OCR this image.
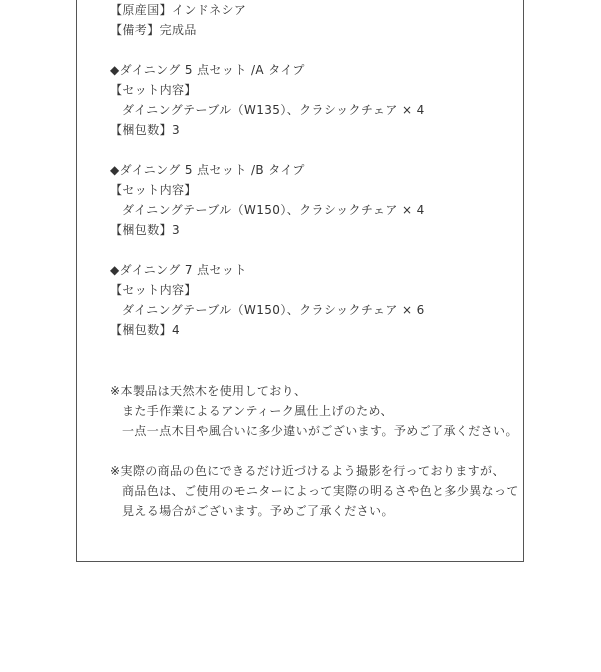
【原産国】インドネシア
【備考】完成品
◆ダイニング 5 点セット /A タイプ
【セット内容】
ダイニングテーブル（W135）、クラシックチェア × 4
【梱包数】3
◆ダイニング 5 点セット /B タイプ
【セット内容】
ダイニングテーブル（W150）、クラシックチェア × 4
【梱包数】3
◆ダイニング 7 点セット
【セット内容】
ダイニングテーブル（W150）、クラシックチェア × 6
【梱包数】4
※本製品は天然木を使用しており、
また手作業によるアンティーク風仕上げのため、
一点一点木目や風合いに多少違いがございます。予めご了承ください。
※実際の商品の色にできるだけ近づけるよう撮影を行っておりますが、
商品色は、ご使用のモニターによって実際の明るさや色と多少異なって
見える場合がございます。予めご了承ください。
